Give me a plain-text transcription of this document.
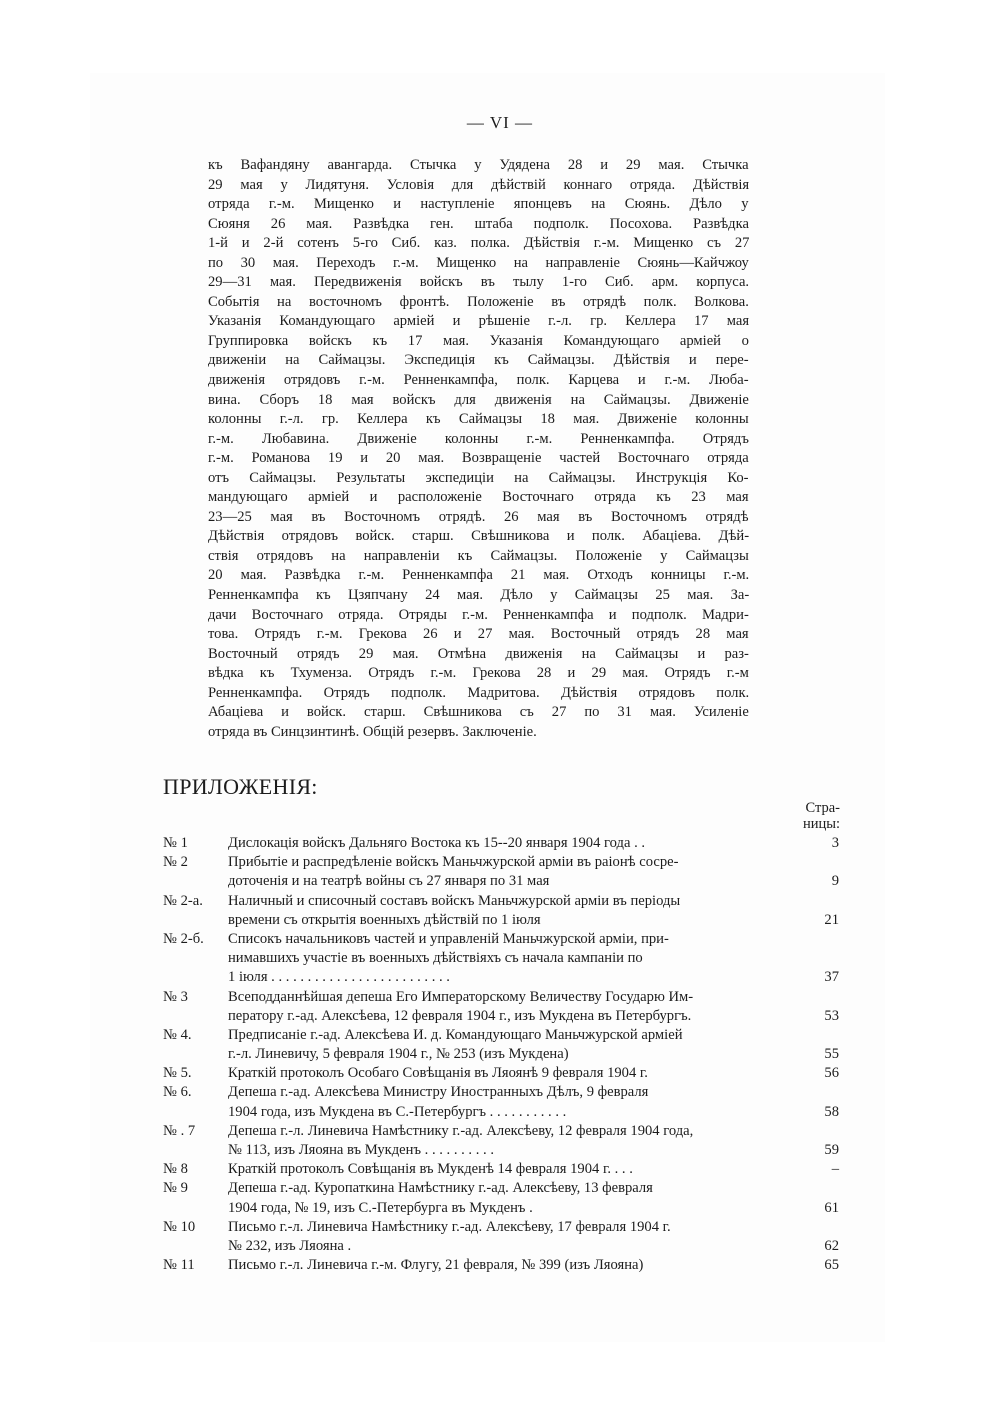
— VI —
къ Вафандяну авангарда. Стычка у Удядена 28 и 29 мая. Стычка
29 мая у Лидятуня. Условія для дѣйствій коннаго отряда. Дѣйствія
отряда г.-м. Мищенко и наступленіе японцевъ на Сюянь. Дѣло у
Сюяня 26 мая. Развѣдка ген. штаба подполк. Посохова. Развѣдка
1-й и 2-й сотенъ 5-го Сиб. каз. полка. Дѣйствія г.-м. Мищенко съ 27
по 30 мая. Переходъ г.-м. Мищенко на направленіе Сюянь—Кайчжоу
29—31 мая. Передвиженія войскъ въ тылу 1-го Сиб. арм. корпуса.
Событія на восточномъ фронтѣ. Положеніе въ отрядѣ полк. Волкова.
Указанія Командующаго арміей и рѣшеніе г.-л. гр. Келлера 17 мая
Группировка войскъ къ 17 мая. Указанія Командующаго арміей о
движеніи на Саймацзы. Экспедиція къ Саймацзы. Дѣйствія и пере-
движенія отрядовъ г.-м. Ренненкампфа, полк. Карцева и г.-м. Любa-
вина. Сборъ 18 мая войскъ для движенія на Саймацзы. Движеніе
колонны г.-л. гр. Келлера къ Саймацзы 18 мая. Движеніе колонны
г.-м. Любавина. Движеніе колонны г.-м. Ренненкампфа. Отрядъ
г.-м. Романова 19 и 20 мая. Возвращеніе частей Восточнаго отряда
отъ Саймацзы. Результаты экспедиціи на Саймацзы. Инструкція Ко-
мандующаго арміей и расположеніе Восточнаго отряда къ 23 мая
23—25 мая въ Восточномъ отрядѣ. 26 мая въ Восточномъ отрядѣ
Дѣйствія отрядовъ войск. старш. Свѣшникова и полк. Абаціева. Дѣй-
ствія отрядовъ на направленіи къ Саймацзы. Положеніе у Саймацзы
20 мая. Развѣдка г.-м. Ренненкампфа 21 мая. Отходъ конницы г.-м.
Ренненкампфа къ Цзяпчану 24 мая. Дѣло у Саймацзы 25 мая. За-
дачи Восточнаго отряда. Отряды г.-м. Ренненкампфа и подполк. Мадри-
това. Отрядъ г.-м. Грекова 26 и 27 мая. Восточный отрядъ 28 мая
Восточный отрядъ 29 мая. Отмѣна движенія на Саймацзы и раз-
вѣдка къ Тхуменза. Отрядъ г.-м. Грекова 28 и 29 мая. Отрядъ г.-м
Ренненкампфа. Отрядъ подполк. Мадритова. Дѣйствія отрядовъ полк.
Абаціева и войск. старш. Свѣшникова съ 27 по 31 мая. Усиленіе
отряда въ Синцзинтинѣ. Общій резервъ. Заключеніе.
ПРИЛОЖЕНІЯ:
Стра-
ницы:
№ 1	Дислокація войскъ Дальняго Востока къ 15--20 января 1904 года . .	3
№ 2	Прибытіе и распредѣленіе войскъ Маньчжурской арміи въ раіонѣ сосре-
доточенія и на театрѣ войны съ 27 января по 31 мая	9
№ 2-а.	Наличный и списочный составъ войскъ Маньчжурской арміи въ періоды
времени съ открытія военныхъ дѣйствій по 1 іюля	21
№ 2-б.	Списокъ начальниковъ частей и управленій Маньчжурской арміи, при-
нимавшихъ участіе въ военныхъ дѣйствіяхъ съ начала кампаніи по
1 іюля . . . . . . . . . . . . . . . . . . . . . . . . .	37
№ 3	Всеподданнѣйшая депеша Его Императорскому Величеству Государю Им-
ператору г.-ад. Алексѣева, 12 февраля 1904 г., изъ Мукдена въ Петербургъ.	53
№ 4.	Предписаніе г.-ад. Алексѣева И. д. Командующаго Маньчжурской арміей
г.-л. Линевичу, 5 февраля 1904 г., № 253 (изъ Мукдена)	55
№ 5.	Краткій протоколъ Особаго Совѣщанія въ Ляоянѣ 9 февраля 1904 г.	56
№ 6.	Депеша г.-ад. Алексѣева Министру Иностранныхъ Дѣлъ, 9 февраля
1904 года, изъ Мукдена въ С.-Петербургъ . . . . . . . . . . .	58
№ . 7	Депеша г.-л. Линевича Намѣстнику г.-ад. Алексѣеву, 12 февраля 1904 года,
№ 113, изъ Ляояна въ Мукденъ . . . . . . . . . .	59
№ 8	Краткій протоколъ Совѣщанія въ Мукденѣ 14 февраля 1904 г. . . .	–
№ 9	Депеша г.-ад. Куропаткина Намѣстнику г.-ад. Алексѣеву, 13 февраля
1904 года, № 19, изъ С.-Петербурга въ Мукденъ .	61
№ 10	Письмо г.-л. Линевича Намѣстнику г.-ад. Алексѣеву, 17 февраля 1904 г.
№ 232, изъ Ляояна .	62
№ 11	Письмо г.-л. Линевича г.-м. Флугу, 21 февраля, № 399 (изъ Ляояна)	65
